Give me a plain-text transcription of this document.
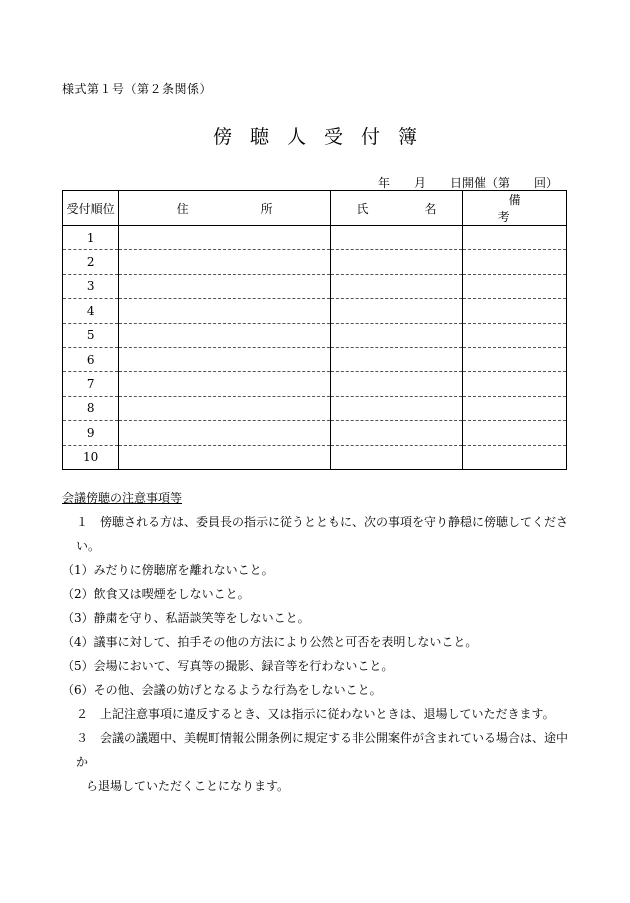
様式第１号（第２条関係）
傍聴人受付簿
年　　月　　日開催（第　　回）
受付順位	住　所	氏　名	備　考
1			
2			
3			
4			
5			
6			
7			
8			
9			
10			
会議傍聴の注意事項等

１　傍聴される方は、委員長の指示に従うとともに、次の事項を守り静穏に傍聴してください。

（1）みだりに傍聴席を離れないこと。

（2）飲食又は喫煙をしないこと。

（3）静粛を守り、私語談笑等をしないこと。

（4）議事に対して、拍手その他の方法により公然と可否を表明しないこと。

（5）会場において、写真等の撮影、録音等を行わないこと。

（6）その他、会議の妨げとなるような行為をしないこと。

２　上記注意事項に違反するとき、又は指示に従わないときは、退場していただきます。

３　会議の議題中、美幌町情報公開条例に規定する非公開案件が含まれている場合は、途中か

ら退場していただくことになります。
